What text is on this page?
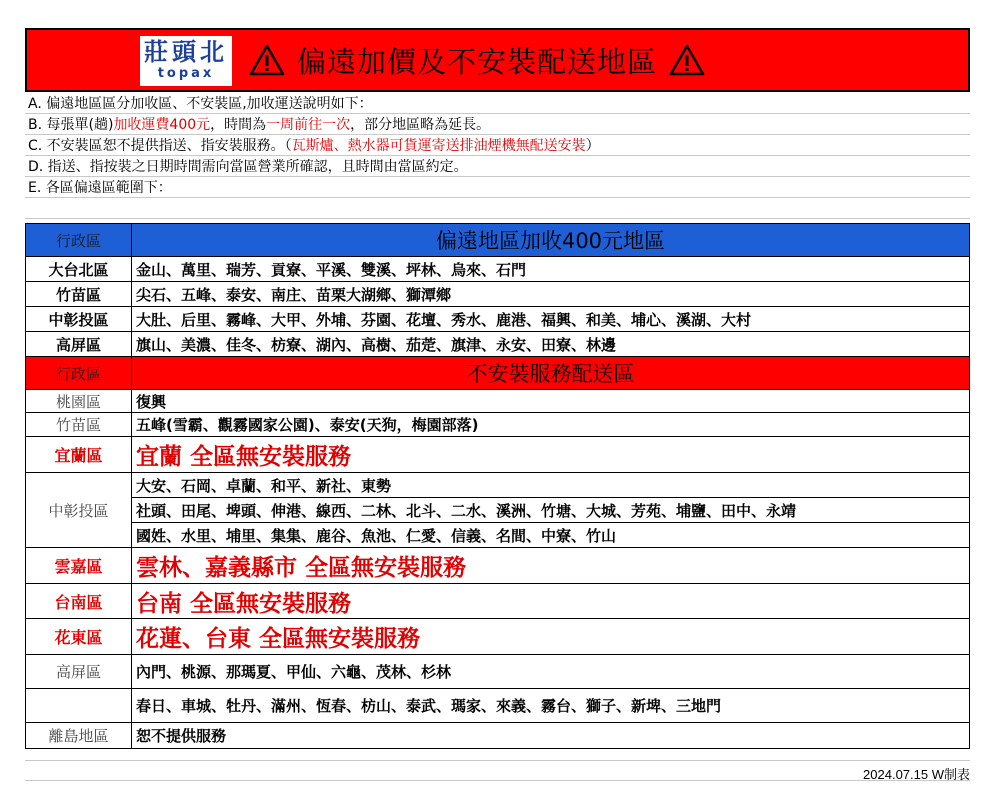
莊頭北
topax	偏遠加價及不安裝配送地區
A. 偏遠地區區分加收區、不安裝區,加收運送說明如下：
B. 每張單(趟)加收運費400元，時間為一周前往一次，部分地區略為延長。
C. 不安裝區恕不提供指送、指安裝服務。（瓦斯爐、熱水器可貨運寄送排油煙機無配送安裝）
D. 指送、指按裝之日期時間需向當區營業所確認，且時間由當區約定。
E. 各區偏遠區範圍下：
行政區	偏遠地區加收400元地區
大台北區	金山、萬里、瑞芳、貢寮、平溪、雙溪、坪林、烏來、石門
竹苗區	尖石、五峰、泰安、南庄、苗栗大湖鄉、獅潭鄉
中彰投區	大肚、后里、霧峰、大甲、外埔、芬園、花壇、秀水、鹿港、福興、和美、埔心、溪湖、大村
高屏區	旗山、美濃、佳冬、枋寮、湖內、高樹、茄萣、旗津、永安、田寮、林邊
行政區	不安裝服務配送區
桃園區	復興
竹苗區	五峰(雪霸、觀霧國家公園)、泰安(天狗，梅園部落)
宜蘭區	宜蘭 全區無安裝服務
中彰投區	大安、石岡、卓蘭、和平、新社、東勢
	社頭、田尾、埤頭、伸港、線西、二林、北斗、二水、溪洲、竹塘、大城、芳苑、埔鹽、田中、永靖
	國姓、水里、埔里、集集、鹿谷、魚池、仁愛、信義、名間、中寮、竹山
雲嘉區	雲林、嘉義縣市 全區無安裝服務
台南區	台南 全區無安裝服務
花東區	花蓮、台東 全區無安裝服務
高屏區	內門、桃源、那瑪夏、甲仙、六龜、茂林、杉林
	春日、車城、牡丹、滿州、恆春、枋山、泰武、瑪家、來義、霧台、獅子、新埤、三地門
離島地區	恕不提供服務
2024.07.15 W制表
